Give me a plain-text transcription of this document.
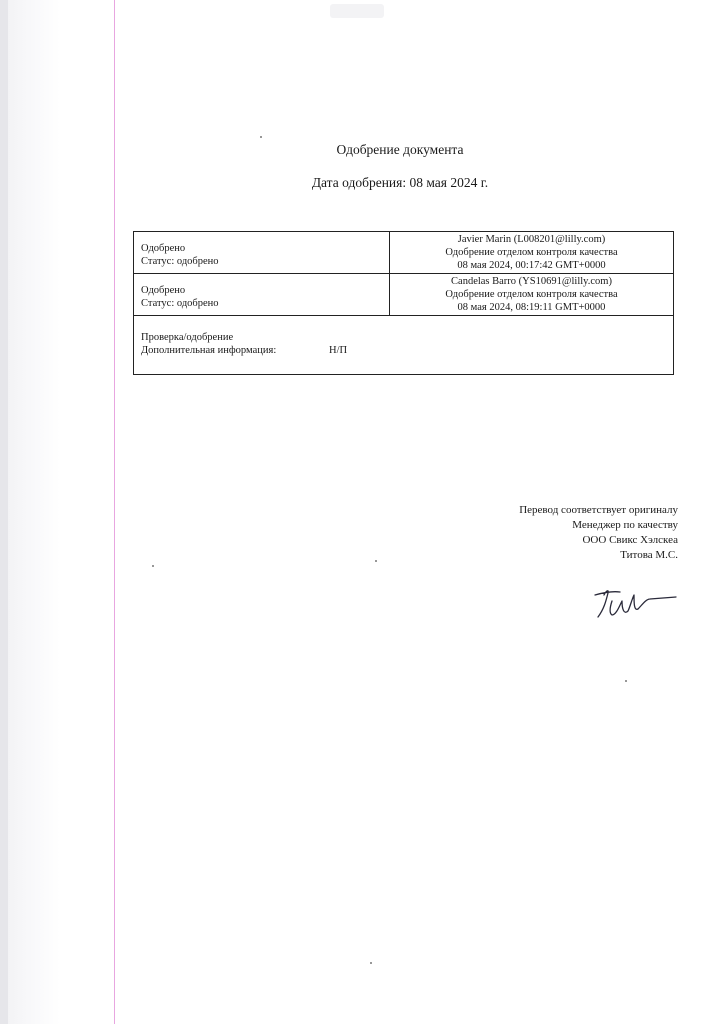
Одобрение документа
Дата одобрения: 08 мая 2024 г.
Одобрено
Статус: одобрено
Javier Marin (L008201@lilly.com)
Одобрение отделом контроля качества
08 мая 2024, 00:17:42 GMT+0000
Одобрено
Статус: одобрено
Candelas Barro (YS10691@lilly.com)
Одобрение отделом контроля качества
08 мая 2024, 08:19:11 GMT+0000
Проверка/одобрение
Дополнительная информация:	Н/П
Перевод соответствует оригиналу
Менеджер по качеству
ООО Свикс Хэлскеа
Титова М.С.
